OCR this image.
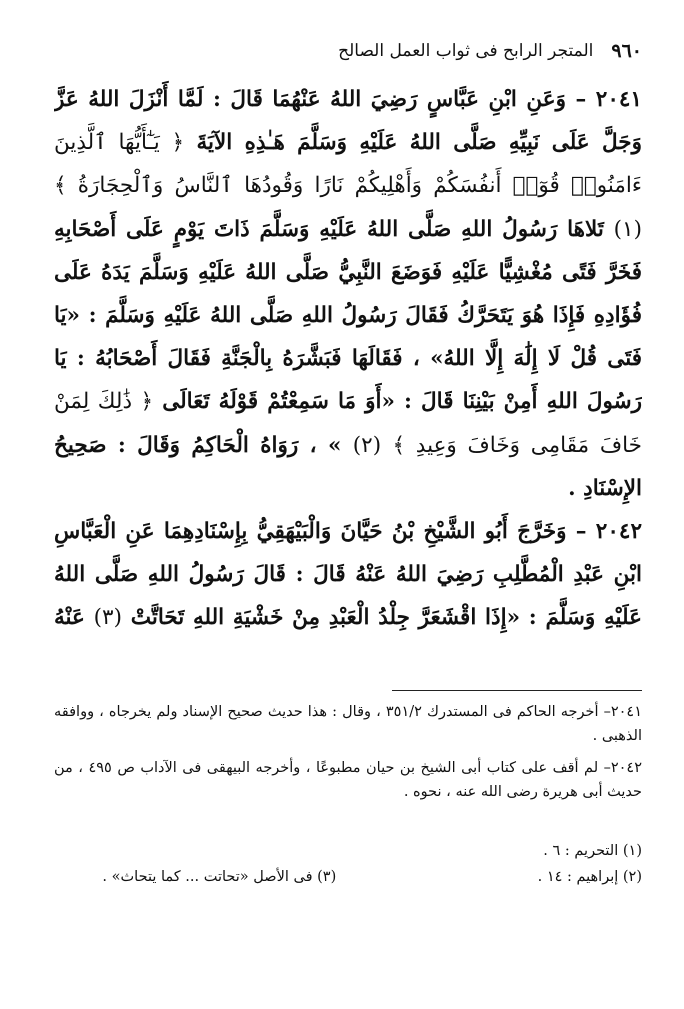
٩٦٠
المتجر الرابح فى ثواب العمل الصالح

٢٠٤١ – وَعَنِ ابْنِ عَبَّاسٍ رَضِيَ اللهُ عَنْهُمَا قَالَ : لَمَّا أَنْزَلَ اللهُ عَزَّ وَجَلَّ عَلَى نَبِيِّهِ صَلَّى اللهُ عَلَيْهِ وَسَلَّمَ هَـٰذِهِ الآيَةَ ﴿ يَـٰٓأَيُّهَا ٱلَّذِينَ ءَامَنُوا۟ قُوٓا۟ أَنفُسَكُمْ وَأَهْلِيكُمْ نَارًا وَقُودُهَا ٱلنَّاسُ وَٱلْحِجَارَةُ ﴾ (١) تَلاهَا رَسُولُ اللهِ صَلَّى اللهُ عَلَيْهِ وَسَلَّمَ ذَاتَ يَوْمٍ عَلَى أَصْحَابِهِ فَخَرَّ فَتًى مُغْشِيًّا عَلَيْهِ فَوَضَعَ النَّبِيُّ صَلَّى اللهُ عَلَيْهِ وَسَلَّمَ يَدَهُ عَلَى فُؤَادِهِ فَإِذَا هُوَ يَتَحَرَّكُ فَقَالَ رَسُولُ اللهِ صَلَّى اللهُ عَلَيْهِ وَسَلَّمَ : «يَا فَتَى قُلْ لَا إِلَٰهَ إِلَّا اللهُ» ، فَقَالَهَا فَبَشَّرَهُ بِالْجَنَّةِ فَقَالَ أَصْحَابُهُ : يَا رَسُولَ اللهِ أَمِنْ بَيْنِنَا قَالَ : «أَوَ مَا سَمِعْتُمْ قَوْلَهُ تَعَالَى ﴿ ذَٰلِكَ لِمَنْ خَافَ مَقَامِى وَخَافَ وَعِيدِ ﴾ (٢) » ، رَوَاهُ الْحَاكِمُ وَقَالَ : صَحِيحُ الإِسْنَادِ .

٢٠٤٢ – وَخَرَّجَ أَبُو الشَّيْخِ بْنُ حَيَّانَ وَالْبَيْهَقِيُّ بِإِسْنَادِهِمَا عَنِ الْعَبَّاسِ ابْنِ عَبْدِ الْمُطَّلِبِ رَضِيَ اللهُ عَنْهُ قَالَ : قَالَ رَسُولُ اللهِ صَلَّى اللهُ عَلَيْهِ وَسَلَّمَ : «إِذَا اقْشَعَرَّ جِلْدُ الْعَبْدِ مِنْ خَشْيَةِ اللهِ تَحَاتَّتْ (٣) عَنْهُ

٢٠٤١– أخرجه الحاكم فى المستدرك ٣٥١/٢ ، وقال : هذا حديث صحيح الإسناد ولم يخرجاه ، ووافقه الذهبى .

٢٠٤٢– لم أقف على كتاب أبى الشيخ بن حيان مطبوعًا ، وأخرجه البيهقى فى الآداب ص ٤٩٥ ، من حديث أبى هريرة رضى الله عنه ، نحوه .

(١) التحريم : ٦ .
(٢) إبراهيم : ١٤ .
(٣) فى الأصل «تحاتت ... كما يتحاث» .
